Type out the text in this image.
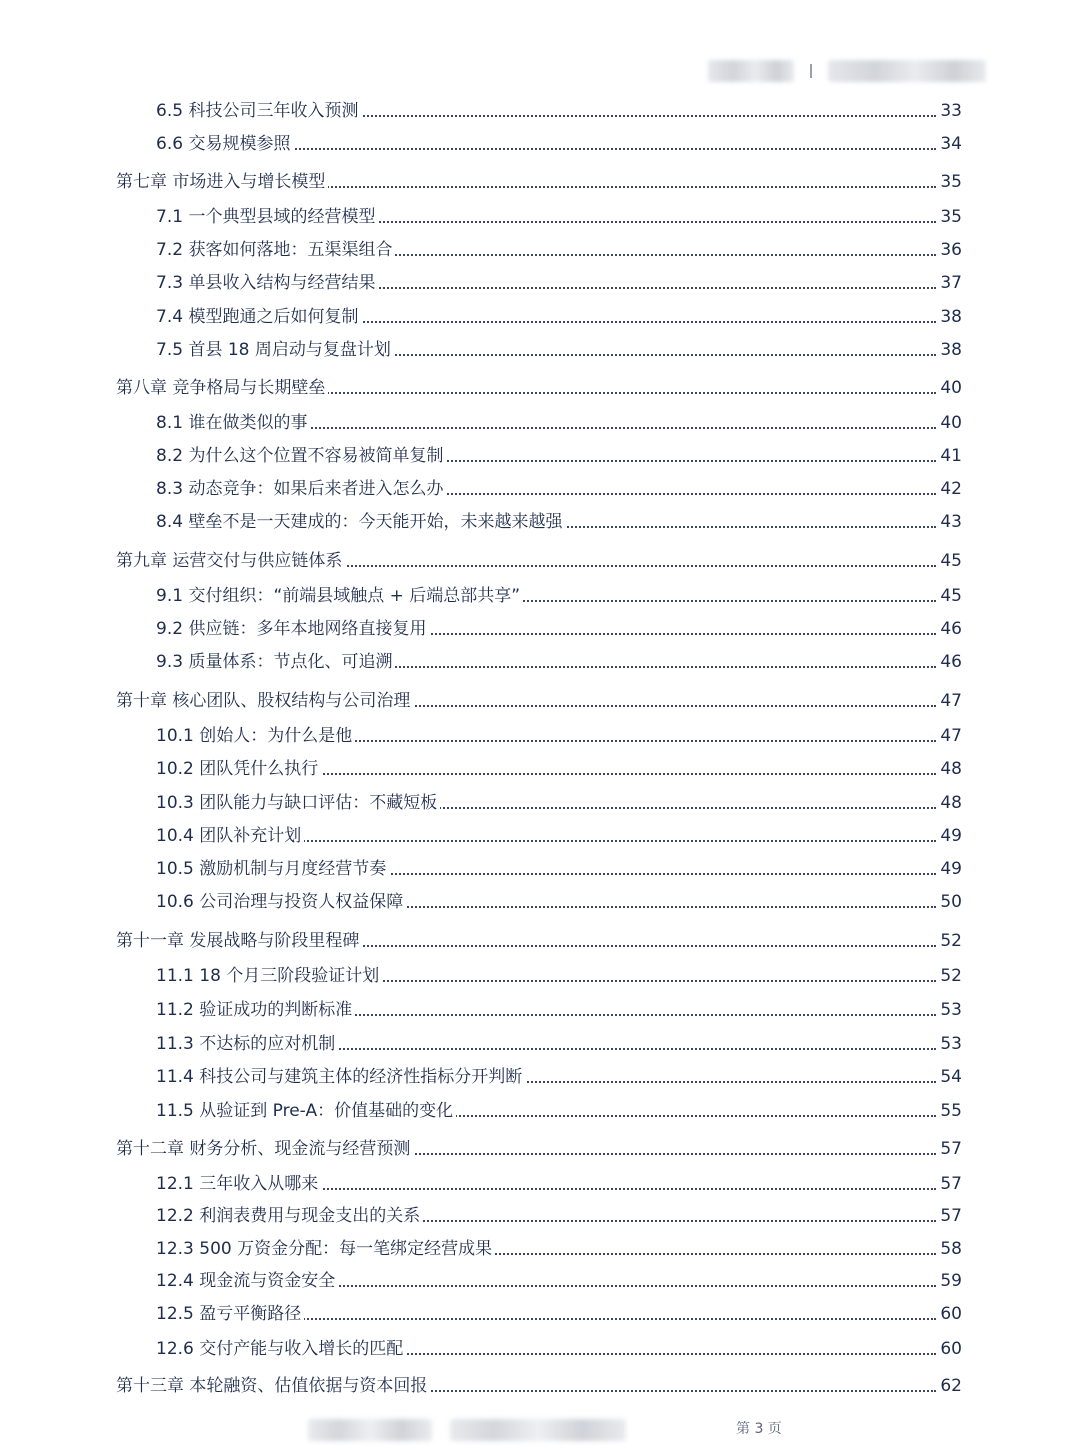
6.5 科技公司三年收入预测	33
6.6 交易规模参照	34
第七章 市场进入与增长模型	35
7.1 一个典型县域的经营模型	35
7.2 获客如何落地：五渠渠组合	36
7.3 单县收入结构与经营结果	37
7.4 模型跑通之后如何复制	38
7.5 首县 18 周启动与复盘计划	38
第八章 竞争格局与长期壁垒	40
8.1 谁在做类似的事	40
8.2 为什么这个位置不容易被简单复制	41
8.3 动态竞争：如果后来者进入怎么办	42
8.4 壁垒不是一天建成的：今天能开始，未来越来越强	43
第九章 运营交付与供应链体系	45
9.1 交付组织：“前端县域触点 + 后端总部共享”	45
9.2 供应链：多年本地网络直接复用	46
9.3 质量体系：节点化、可追溯	46
第十章 核心团队、股权结构与公司治理	47
10.1 创始人：为什么是他	47
10.2 团队凭什么执行	48
10.3 团队能力与缺口评估：不藏短板	48
10.4 团队补充计划	49
10.5 激励机制与月度经营节奏	49
10.6 公司治理与投资人权益保障	50
第十一章 发展战略与阶段里程碑	52
11.1 18 个月三阶段验证计划	52
11.2 验证成功的判断标准	53
11.3 不达标的应对机制	53
11.4 科技公司与建筑主体的经济性指标分开判断	54
11.5 从验证到 Pre-A：价值基础的变化	55
第十二章 财务分析、现金流与经营预测	57
12.1 三年收入从哪来	57
12.2 利润表费用与现金支出的关系	57
12.3 500 万资金分配：每一笔绑定经营成果	58
12.4 现金流与资金安全	59
12.5 盈亏平衡路径	60
12.6 交付产能与收入增长的匹配	60
第十三章 本轮融资、估值依据与资本回报	62
第 3 页
